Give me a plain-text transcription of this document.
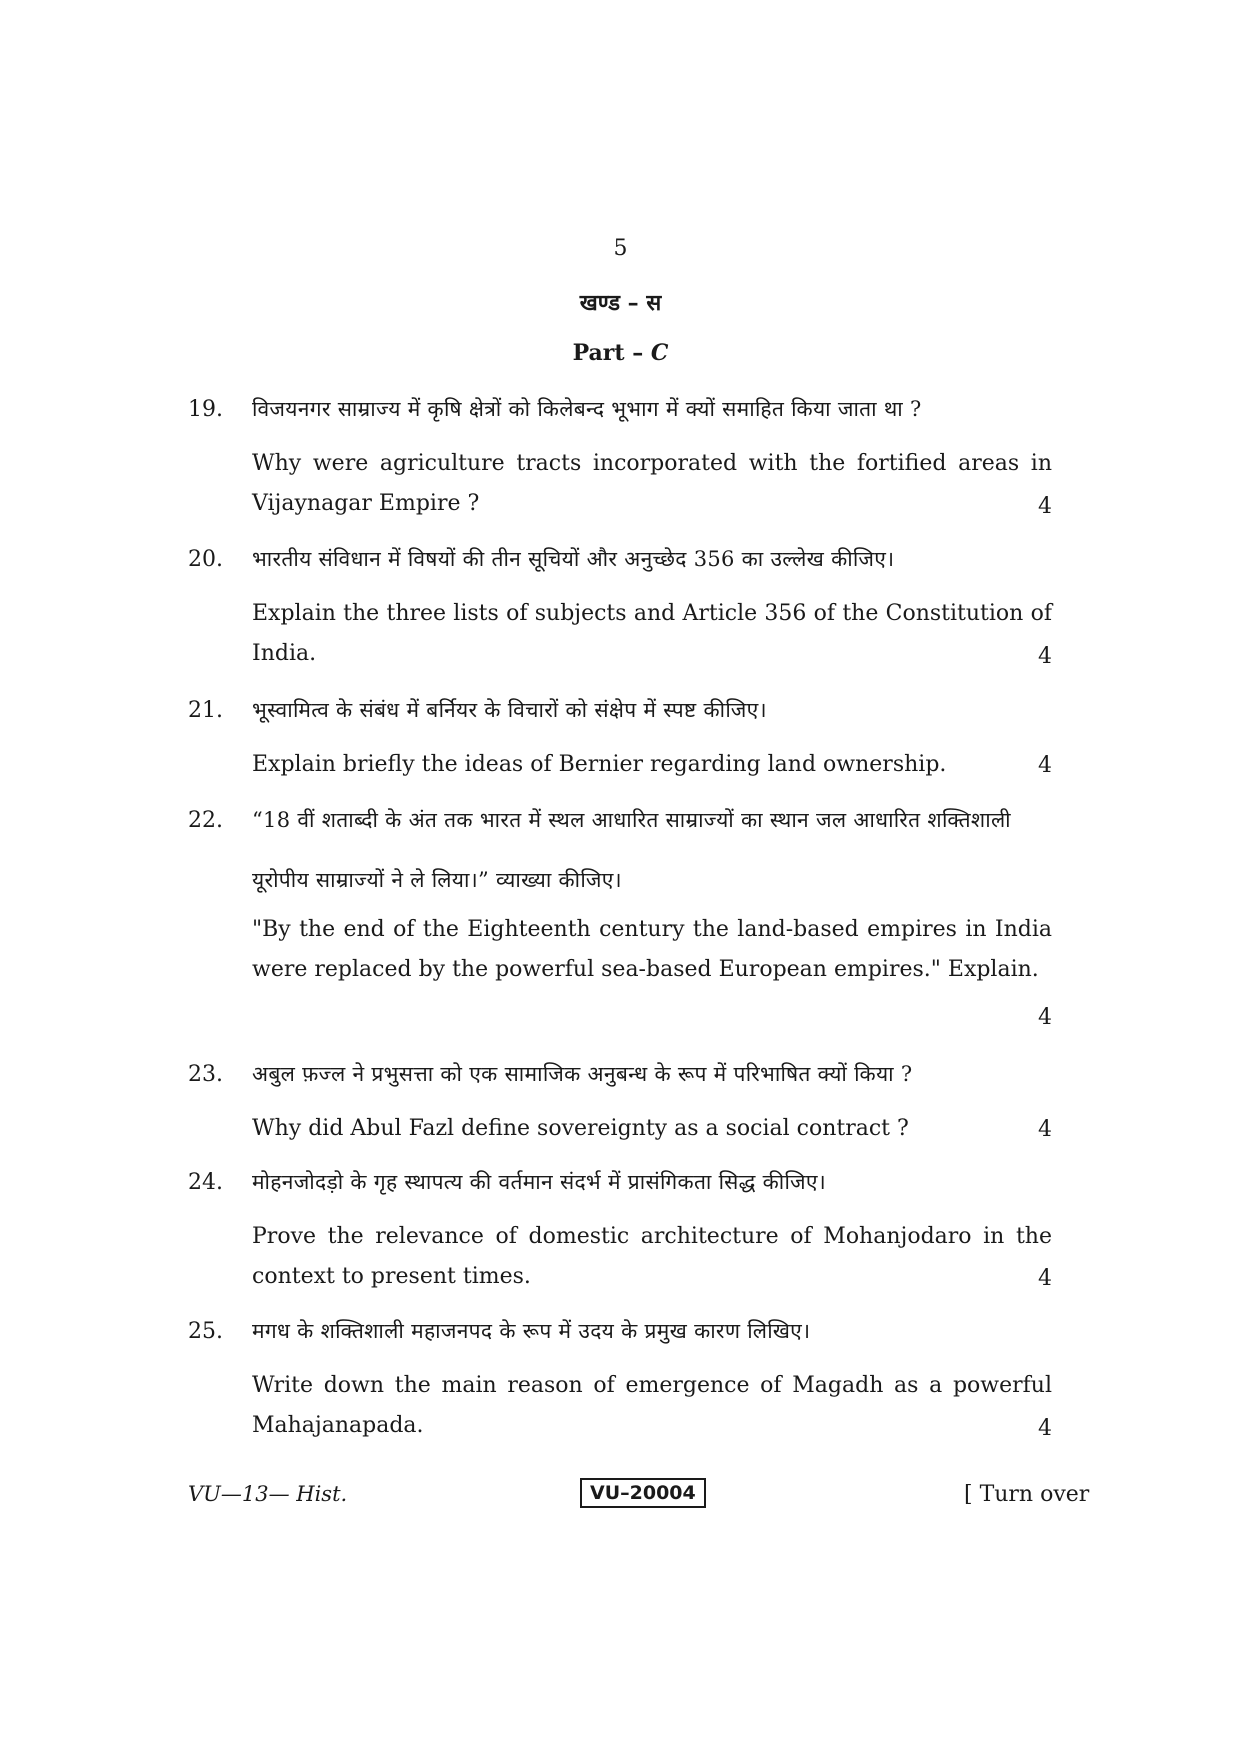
5
खण्ड – स
Part – C
19. विजयनगर साम्राज्य में कृषि क्षेत्रों को किलेबन्द भूभाग में क्यों समाहित किया जाता था ?
Why were agriculture tracts incorporated with the fortified areas in Vijaynagar Empire ?	4
20. भारतीय संविधान में विषयों की तीन सूचियों और अनुच्छेद 356 का उल्लेख कीजिए।
Explain the three lists of subjects and Article 356 of the Constitution of India.	4
21. भूस्वामित्व के संबंध में बर्नियर के विचारों को संक्षेप में स्पष्ट कीजिए।
Explain briefly the ideas of Bernier regarding land ownership.	4
22. “18 वीं शताब्दी के अंत तक भारत में स्थल आधारित साम्राज्यों का स्थान जल आधारित शक्तिशाली यूरोपीय साम्राज्यों ने ले लिया।” व्याख्या कीजिए।
"By the end of the Eighteenth century the land-based empires in India were replaced by the powerful sea-based European empires." Explain.
4
23. अबुल फ़ज्ल ने प्रभुसत्ता को एक सामाजिक अनुबन्ध के रूप में परिभाषित क्यों किया ?
Why did Abul Fazl define sovereignty as a social contract ?	4
24. मोहनजोदड़ो के गृह स्थापत्य की वर्तमान संदर्भ में प्रासंगिकता सिद्ध कीजिए।
Prove the relevance of domestic architecture of Mohanjodaro in the context to present times.	4
25. मगध के शक्तिशाली महाजनपद के रूप में उदय के प्रमुख कारण लिखिए।
Write down the main reason of emergence of Magadh as a powerful Mahajanapada.	4
VU—13— Hist.	VU–20004	[ Turn over
